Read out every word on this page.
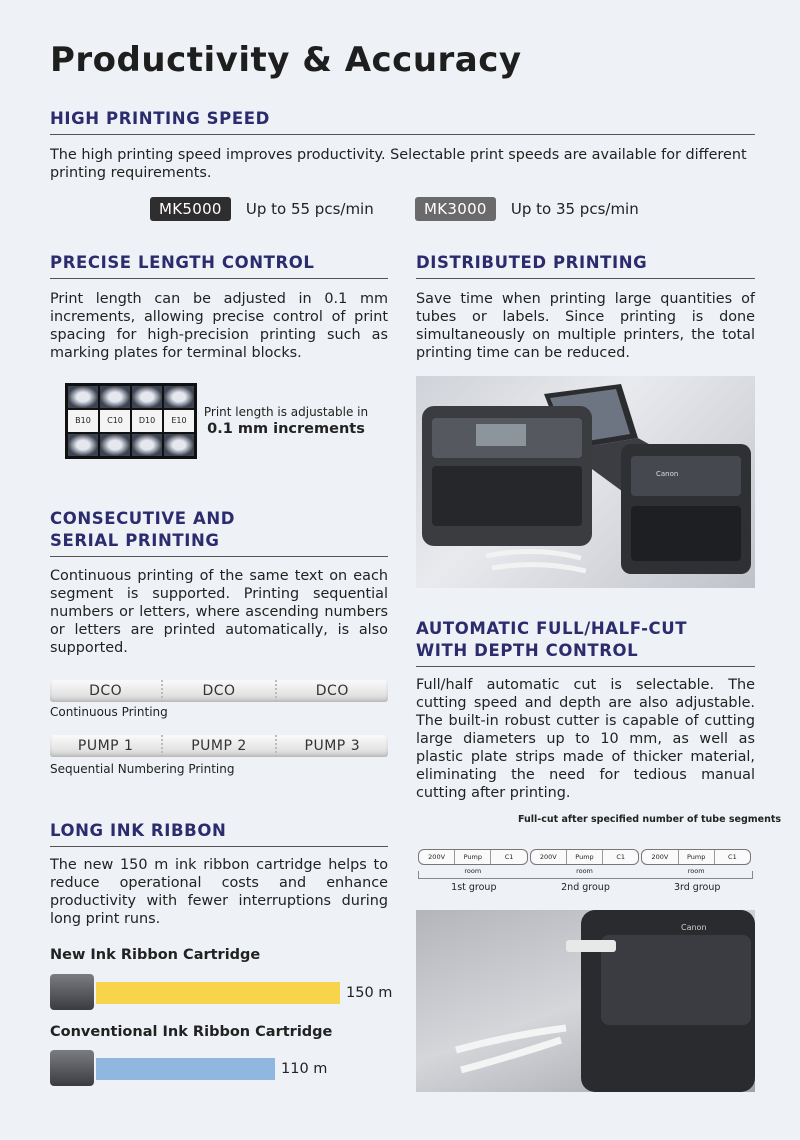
Productivity & Accuracy
HIGH PRINTING SPEED
The high printing speed improves productivity. Selectable print speeds are available for different printing requirements.
MK5000 Up to 55 pcs/min	MK3000 Up to 35 pcs/min
PRECISE LENGTH CONTROL
Print length can be adjusted in 0.1 mm increments, allowing precise control of print spacing for high-precision printing such as marking plates for terminal blocks.
B10	C10	D10	E10
Print length is adjustable in
0.1 mm increments
DISTRIBUTED PRINTING
Save time when printing large quantities of tubes or labels. Since printing is done simultaneously on multiple printers, the total printing time can be reduced.
Canon
CONSECUTIVE AND
SERIAL PRINTING
Continuous printing of the same text on each segment is supported. Printing sequential numbers or letters, where ascending numbers or letters are printed automatically, is also supported.
DCO	DCO	DCO
Continuous Printing
PUMP 1	PUMP 2	PUMP 3
Sequential Numbering Printing
AUTOMATIC FULL/HALF-CUT
WITH DEPTH CONTROL
Full/half automatic cut is selectable. The cutting speed and depth are also adjustable. The built-in robust cutter is capable of cutting large diameters up to 10 mm, as well as plastic plate strips made of thicker material, eliminating the need for tedious manual cutting after printing.
Full-cut after specified number of tube segments
200V	Pump room
C1	200V	Pump room
C1	200V	Pump room
C1
1st group	2nd group	3rd group
Canon
LONG INK RIBBON
The new 150 m ink ribbon cartridge helps to reduce operational costs and enhance productivity with fewer interruptions during long print runs.
New Ink Ribbon Cartridge
150 m
Conventional Ink Ribbon Cartridge
110 m
